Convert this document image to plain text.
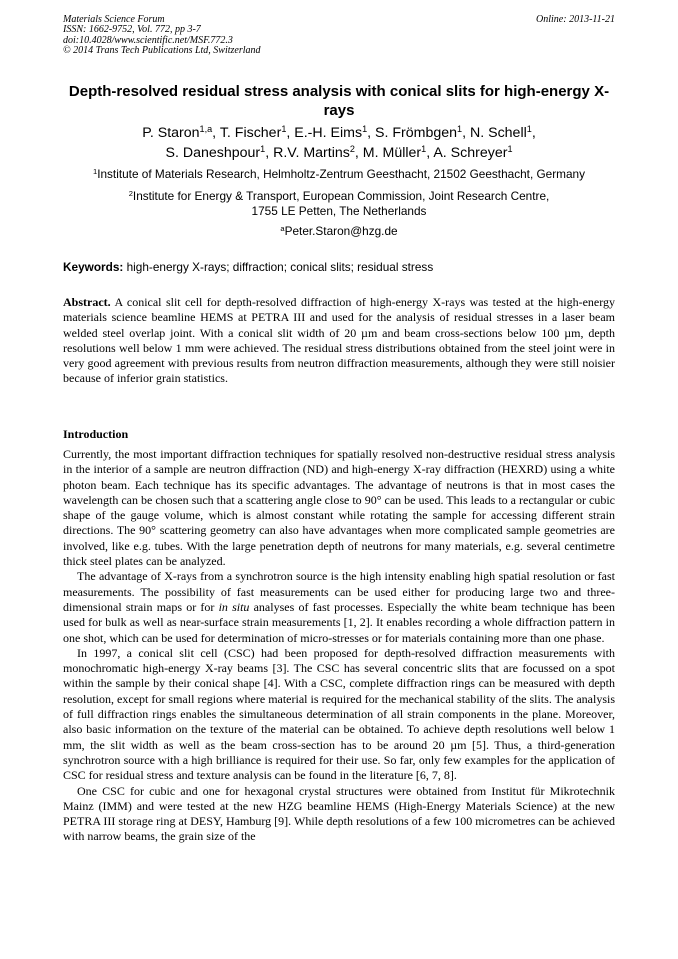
Materials Science Forum
ISSN: 1662-9752, Vol. 772, pp 3-7
doi:10.4028/www.scientific.net/MSF.772.3
© 2014 Trans Tech Publications Ltd, Switzerland
Online: 2013-11-21
Depth-resolved residual stress analysis with conical slits for high-energy X-rays
P. Staron$^{1,a}$, T. Fischer$^1$, E.-H. Eims$^1$, S. Frömbgen$^1$, N. Schell$^1$,
S. Daneshpour$^1$, R.V. Martins$^2$, M. Müller$^1$, A. Schreyer$^1$
$^1$Institute of Materials Research, Helmholtz-Zentrum Geesthacht, 21502 Geesthacht, Germany
$^2$Institute for Energy & Transport, European Commission, Joint Research Centre,
1755 LE Petten, The Netherlands
$^a$Peter.Staron@hzg.de
Keywords: high-energy X-rays; diffraction; conical slits; residual stress
Abstract. A conical slit cell for depth-resolved diffraction of high-energy X-rays was tested at the high-energy materials science beamline HEMS at PETRA III and used for the analysis of residual stresses in a laser beam welded steel overlap joint. With a conical slit width of 20 µm and beam cross-sections below 100 µm, depth resolutions well below 1 mm were achieved. The residual stress distributions obtained from the steel joint were in very good agreement with previous results from neutron diffraction measurements, although they were still noisier because of inferior grain statistics.
Introduction

Currently, the most important diffraction techniques for spatially resolved non-destructive residual stress analysis in the interior of a sample are neutron diffraction (ND) and high-energy X-ray diffraction (HEXRD) using a white photon beam. Each technique has its specific advantages. The advantage of neutrons is that in most cases the wavelength can be chosen such that a scattering angle close to 90° can be used. This leads to a rectangular or cubic shape of the gauge volume, which is almost constant while rotating the sample for accessing different strain directions. The 90° scattering geometry can also have advantages when more complicated sample geometries are involved, like e.g. tubes. With the large penetration depth of neutrons for many materials, e.g. several centimetre thick steel plates can be analyzed.

The advantage of X-rays from a synchrotron source is the high intensity enabling high spatial resolution or fast measurements. The possibility of fast measurements can be used either for producing large two and three-dimensional strain maps or for in situ analyses of fast processes. Especially the white beam technique has been used for bulk as well as near-surface strain measurements [1, 2]. It enables recording a whole diffraction pattern in one shot, which can be used for determination of micro-stresses or for materials containing more than one phase.

In 1997, a conical slit cell (CSC) had been proposed for depth-resolved diffraction measurements with monochromatic high-energy X-ray beams [3]. The CSC has several concentric slits that are focussed on a spot within the sample by their conical shape [4]. With a CSC, complete diffraction rings can be measured with depth resolution, except for small regions where material is required for the mechanical stability of the slits. The analysis of full diffraction rings enables the simultaneous determination of all strain components in the plane. Moreover, also basic information on the texture of the material can be obtained. To achieve depth resolutions well below 1 mm, the slit width as well as the beam cross-section has to be around 20 µm [5]. Thus, a third-generation synchrotron source with a high brilliance is required for their use. So far, only few examples for the application of CSC for residual stress and texture analysis can be found in the literature [6, 7, 8].

One CSC for cubic and one for hexagonal crystal structures were obtained from Institut für Mikrotechnik Mainz (IMM) and were tested at the new HZG beamline HEMS (High-Energy Materials Science) at the new PETRA III storage ring at DESY, Hamburg [9]. While depth resolutions of a few 100 micrometres can be achieved with narrow beams, the grain size of the
